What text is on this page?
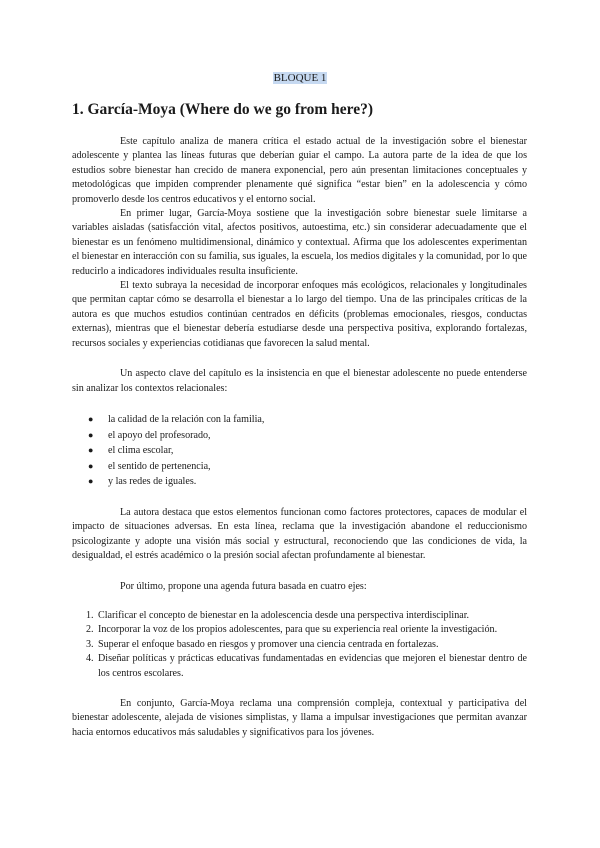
BLOQUE 1
1. García-Moya (Where do we go from here?)

Este capítulo analiza de manera crítica el estado actual de la investigación sobre el bienestar adolescente y plantea las líneas futuras que deberían guiar el campo. La autora parte de la idea de que los estudios sobre bienestar han crecido de manera exponencial, pero aún presentan limitaciones conceptuales y metodológicas que impiden comprender plenamente qué significa “estar bien” en la adolescencia y cómo promoverlo desde los centros educativos y el entorno social.

En primer lugar, García-Moya sostiene que la investigación sobre bienestar suele limitarse a variables aisladas (satisfacción vital, afectos positivos, autoestima, etc.) sin considerar adecuadamente que el bienestar es un fenómeno multidimensional, dinámico y contextual. Afirma que los adolescentes experimentan el bienestar en interacción con su familia, sus iguales, la escuela, los medios digitales y la comunidad, por lo que reducirlo a indicadores individuales resulta insuficiente.

El texto subraya la necesidad de incorporar enfoques más ecológicos, relacionales y longitudinales que permitan captar cómo se desarrolla el bienestar a lo largo del tiempo. Una de las principales críticas de la autora es que muchos estudios continúan centrados en déficits (problemas emocionales, riesgos, conductas externas), mientras que el bienestar debería estudiarse desde una perspectiva positiva, explorando fortalezas, recursos sociales y experiencias cotidianas que favorecen la salud mental.

Un aspecto clave del capítulo es la insistencia en que el bienestar adolescente no puede entenderse sin analizar los contextos relacionales:

● la calidad de la relación con la familia,
● el apoyo del profesorado,
● el clima escolar,
● el sentido de pertenencia,
● y las redes de iguales.

La autora destaca que estos elementos funcionan como factores protectores, capaces de modular el impacto de situaciones adversas. En esta línea, reclama que la investigación abandone el reduccionismo psicologizante y adopte una visión más social y estructural, reconociendo que las condiciones de vida, la desigualdad, el estrés académico o la presión social afectan profundamente al bienestar.

Por último, propone una agenda futura basada en cuatro ejes:

1. Clarificar el concepto de bienestar en la adolescencia desde una perspectiva interdisciplinar.
2. Incorporar la voz de los propios adolescentes, para que su experiencia real oriente la investigación.
3. Superar el enfoque basado en riesgos y promover una ciencia centrada en fortalezas.
4. Diseñar políticas y prácticas educativas fundamentadas en evidencias que mejoren el bienestar dentro de los centros escolares.

En conjunto, García-Moya reclama una comprensión compleja, contextual y participativa del bienestar adolescente, alejada de visiones simplistas, y llama a impulsar investigaciones que permitan avanzar hacia entornos educativos más saludables y significativos para los jóvenes.
